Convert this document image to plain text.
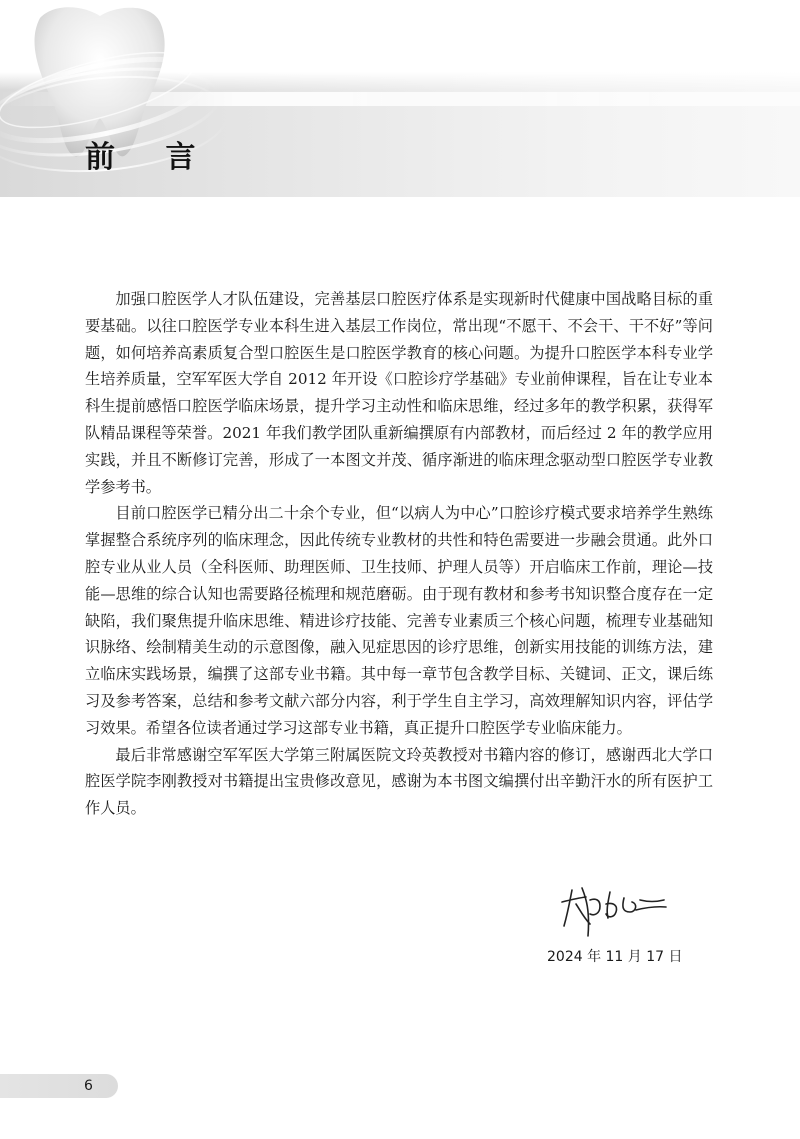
前 言

加强口腔医学人才队伍建设，完善基层口腔医疗体系是实现新时代健康中国战略目标的重要基础。以往口腔医学专业本科生进入基层工作岗位，常出现“不愿干、不会干、干不好”等问题，如何培养高素质复合型口腔医生是口腔医学教育的核心问题。为提升口腔医学本科专业学生培养质量，空军军医大学自 2012 年开设《口腔诊疗学基础》专业前伸课程，旨在让专业本科生提前感悟口腔医学临床场景，提升学习主动性和临床思维，经过多年的教学积累，获得军队精品课程等荣誉。2021 年我们教学团队重新编撰原有内部教材，而后经过 2 年的教学应用实践，并且不断修订完善，形成了一本图文并茂、循序渐进的临床理念驱动型口腔医学专业教学参考书。

目前口腔医学已精分出二十余个专业，但“以病人为中心”口腔诊疗模式要求培养学生熟练掌握整合系统序列的临床理念，因此传统专业教材的共性和特色需要进一步融会贯通。此外口腔专业从业人员（全科医师、助理医师、卫生技师、护理人员等）开启临床工作前，理论—技能—思维的综合认知也需要路径梳理和规范磨砺。由于现有教材和参考书知识整合度存在一定缺陷，我们聚焦提升临床思维、精进诊疗技能、完善专业素质三个核心问题，梳理专业基础知识脉络、绘制精美生动的示意图像，融入见症思因的诊疗思维，创新实用技能的训练方法，建立临床实践场景，编撰了这部专业书籍。其中每一章节包含教学目标、关键词、正文，课后练习及参考答案，总结和参考文献六部分内容，利于学生自主学习，高效理解知识内容，评估学习效果。希望各位读者通过学习这部专业书籍，真正提升口腔医学专业临床能力。

最后非常感谢空军军医大学第三附属医院文玲英教授对书籍内容的修订，感谢西北大学口腔医学院李刚教授对书籍提出宝贵修改意见，感谢为本书图文编撰付出辛勤汗水的所有医护工作人员。

2024 年 11 月 17 日
6
